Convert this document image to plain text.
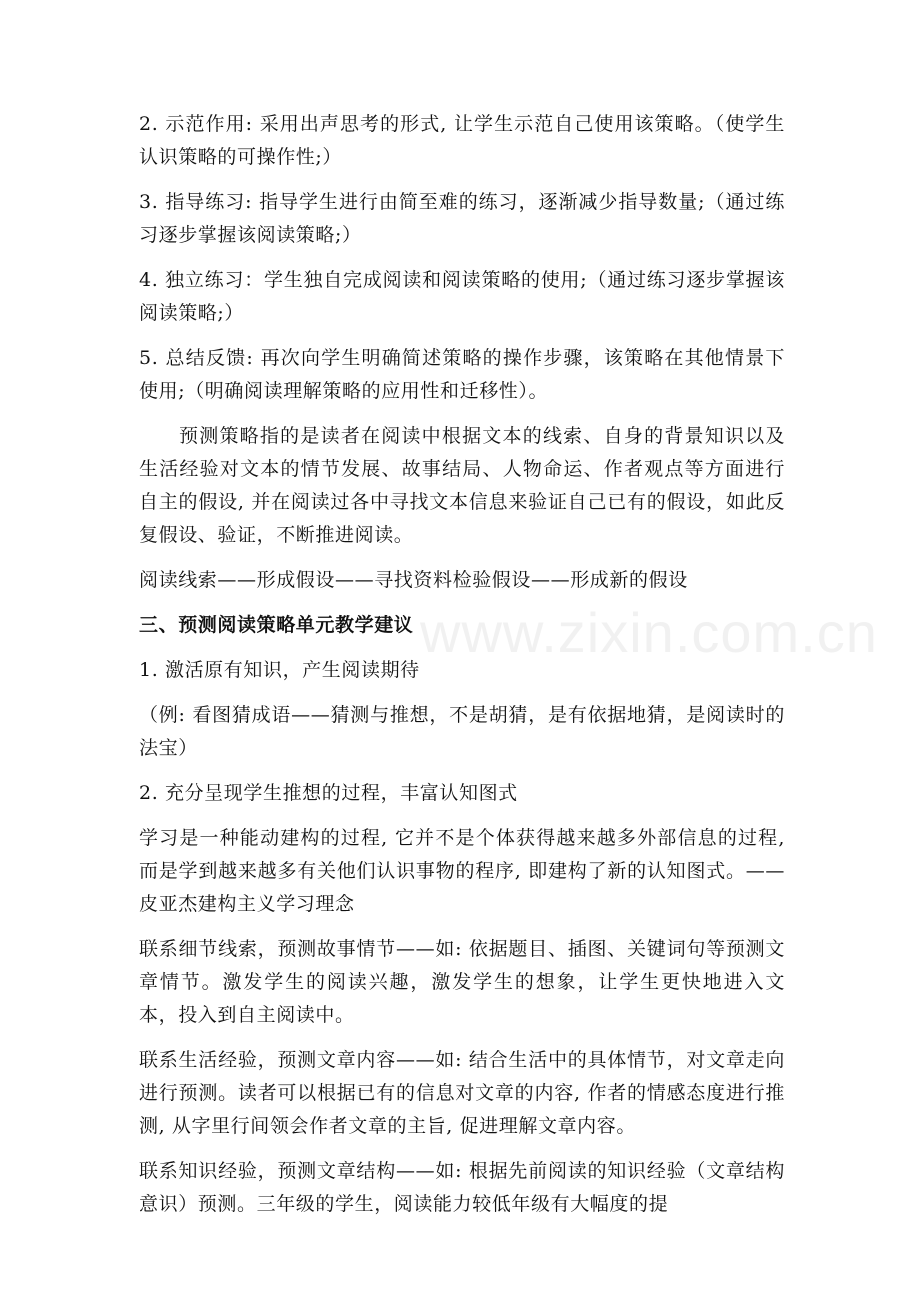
2. 示范作用: 采用出声思考的形式, 让学生示范自己使用该策略。（使学生认识策略的可操作性;）

3. 指导练习: 指导学生进行由简至难的练习，逐渐减少指导数量;（通过练习逐步掌握该阅读策略;）

4. 独立练习：学生独自完成阅读和阅读策略的使用;（通过练习逐步掌握该阅读策略;）

5. 总结反馈: 再次向学生明确简述策略的操作步骤，该策略在其他情景下使用;（明确阅读理解策略的应用性和迁移性）。

预测策略指的是读者在阅读中根据文本的线索、自身的背景知识以及生活经验对文本的情节发展、故事结局、人物命运、作者观点等方面进行自主的假设, 并在阅读过各中寻找文本信息来验证自己已有的假设，如此反复假设、验证，不断推进阅读。

阅读线索——形成假设——寻找资料检验假设——形成新的假设

三、预测阅读策略单元教学建议

1. 激活原有知识，产生阅读期待

（例: 看图猜成语——猜测与推想，不是胡猜，是有依据地猜，是阅读时的法宝）

2. 充分呈现学生推想的过程，丰富认知图式

学习是一种能动建构的过程, 它并不是个体获得越来越多外部信息的过程, 而是学到越来越多有关他们认识事物的程序, 即建构了新的认知图式。——皮亚杰建构主义学习理念

联系细节线索，预测故事情节——如: 依据题目、插图、关键词句等预测文章情节。激发学生的阅读兴趣，激发学生的想象，让学生更快地进入文本，投入到自主阅读中。

联系生活经验，预测文章内容——如: 结合生活中的具体情节，对文章走向进行预测。读者可以根据已有的信息对文章的内容, 作者的情感态度进行推测, 从字里行间领会作者文章的主旨, 促进理解文章内容。

联系知识经验，预测文章结构——如: 根据先前阅读的知识经验（文章结构意识）预测。三年级的学生，阅读能力较低年级有大幅度的提

www.zixin.com.cn
